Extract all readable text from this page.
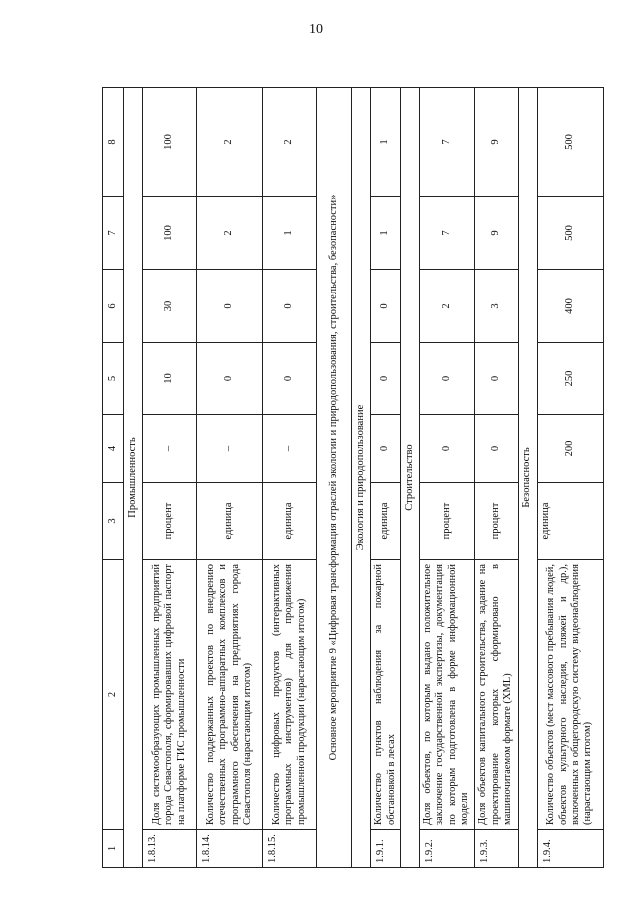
10
1	2	3	4	5	6	7	8
Промышленность							
1.8.13.	Доля системообразующих промышленных предприятий города Севастополя, сформировавших цифровой паспорт на платформе ГИС промышленности	процент	–	10	30	100	100
1.8.14.	Количество поддержанных проектов по внедрению отечественных программно-аппаратных комплексов и программного обеспечения на предприятиях города Севастополя (нарастающим итогом)	единица	–	0	0	2	2
1.8.15.	Количество цифровых продуктов (интерактивных программных инструментов) для продвижения промышленной продукции (нарастающим итогом)	единица	–	0	0	1	2
Основное мероприятие 9 «Цифровая трансформация отраслей экологии и природопользования, строительства, безопасности»							
Экология и природопользование							
1.9.1.	Количество пунктов наблюдения за пожарной обстановкой в лесах	единица	0	0	0	1	1
Строительство							
1.9.2.	Доля объектов, по которым выдано положительное заключение государственной экспертизы, документация по которым подготовлена в форме информационной модели	процент	0	0	2	7	7
1.9.3.	Доля объектов капитального строительства, задание на проектирование которых сформировано в машиночитаемом формате (XML)	процент	0	0	3	9	9
Безопасность							
1.9.4.	Количество объектов (мест массового пребывания людей, объектов культурного наследия, пляжей и др.), включенных в общегородскую систему видеонаблюдения (нарастающим итогом)	единица	200	250	400	500	500
